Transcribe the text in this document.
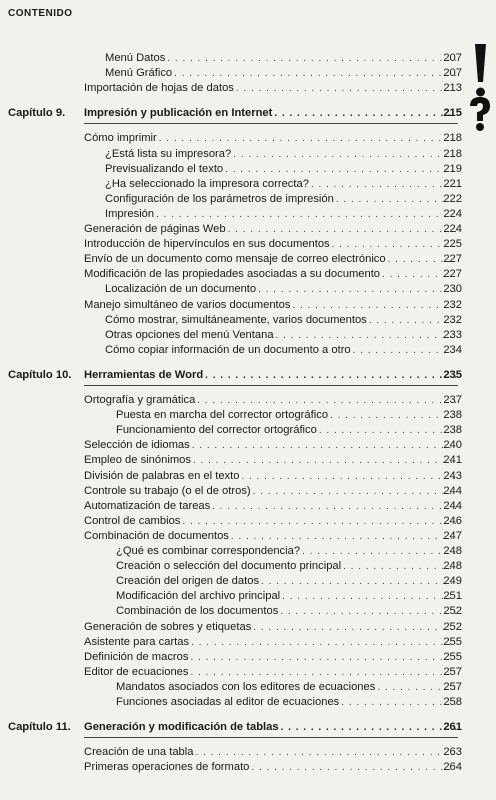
CONTENIDO
Menú Datos . . .	207
Menú Gráfico . . .	207
Importación de hojas de datos . . .	213
Capítulo 9. Impresión y publicación en Internet . . .	215
Cómo imprimir . . .	218
¿Está lista su impresora? . . .	218
Previsualizando el texto . . .	219
¿Ha seleccionado la impresora correcta? . . .	221
Configuración de los parámetros de impresión . . .	222
Impresión . . .	224
Generación de páginas Web . . .	224
Introducción de hipervínculos en sus documentos . . .	225
Envío de un documento como mensaje de correo electrónico . . .	227
Modificación de las propiedades asociadas a su documento . . .	227
Localización de un documento . . .	230
Manejo simultáneo de varios documentos . . .	232
Cómo mostrar, simultáneamente, varios documentos . . .	232
Otras opciones del menú Ventana . . .	233
Cómo copiar información de un documento a otro . . .	234
Capítulo 10. Herramientas de Word . . .	235
Ortografía y gramática . . .	237
Puesta en marcha del corrector ortográfico . . .	238
Funcionamiento del corrector ortográfico . . .	238
Selección de idiomas . . .	240
Empleo de sinónimos . . .	241
División de palabras en el texto . . .	243
Controle su trabajo (o el de otros) . . .	244
Automatización de tareas . . .	244
Control de cambios . . .	246
Combinación de documentos . . .	247
¿Qué es combinar correspondencia? . . .	248
Creación o selección del documento principal . . .	248
Creación del origen de datos . . .	249
Modificación del archivo principal . . .	251
Combinación de los documentos . . .	252
Generación de sobres y etiquetas . . .	252
Asistente para cartas . . .	255
Definición de macros . . .	255
Editor de ecuaciones . . .	257
Mandatos asociados con los editores de ecuaciones . . .	257
Funciones asociadas al editor de ecuaciones . . .	258
Capítulo 11. Generación y modificación de tablas . . .	261
Creación de una tabla . . .	263
Primeras operaciones de formato . . .	264
